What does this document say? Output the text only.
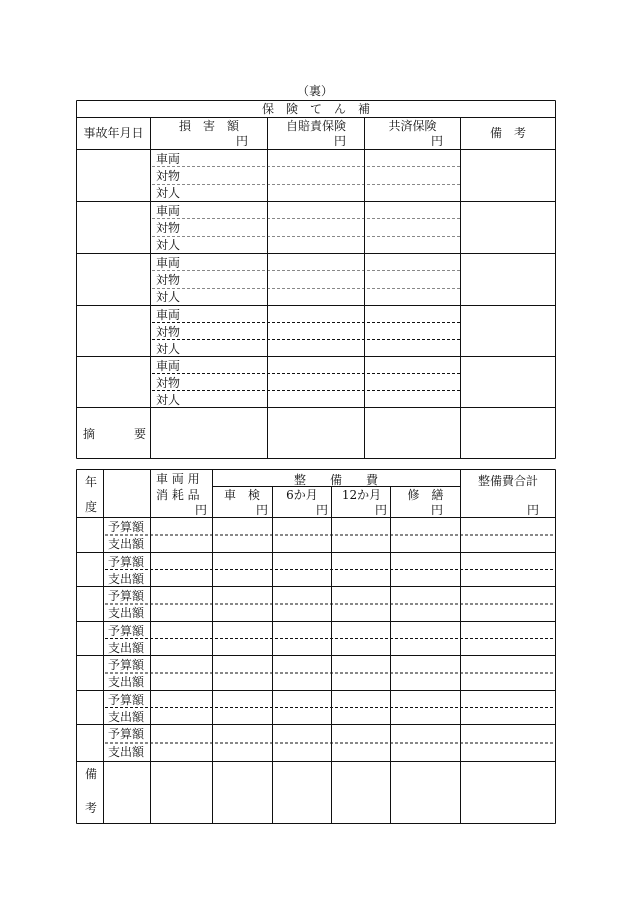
（裏）
保　険　て　ん　補
事故年月日	損　害　額
円
自賠責保険
円
共済保険
円
備　考
車両
対物
対人
車両
対物
対人
車両
対物
対人
車両
対物
対人
車両
対物
対人
摘	要
年
度
車 両 用
消 耗 品
円
整　　備　　費
車　検
円
6か月
円
12か月
円
修　繕
円
整備費合計
円
予算額
支出額
予算額
支出額
予算額
支出額
予算額
支出額
予算額
支出額
予算額
支出額
予算額
支出額
備
考
